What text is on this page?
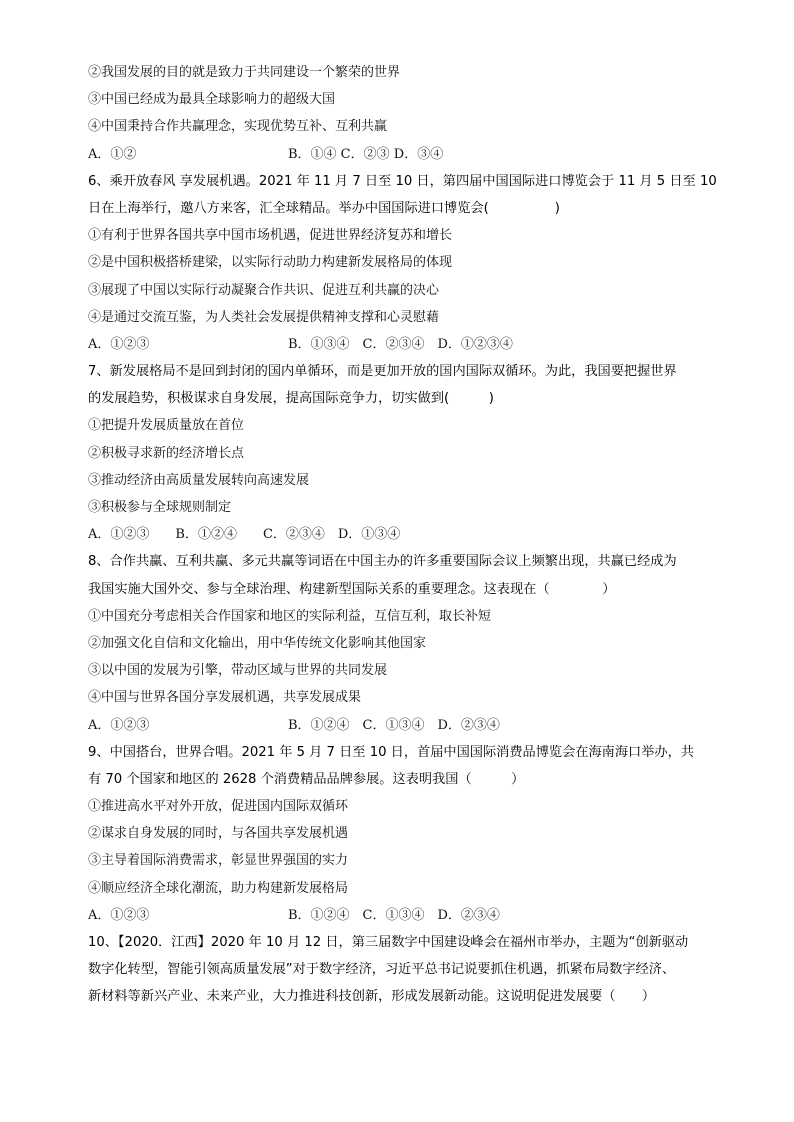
②我国发展的目的就是致力于共同建设一个繁荣的世界
③中国已经成为最具全球影响力的超级大国
④中国秉持合作共赢理念，实现优势互补、互利共赢
A．①②	B．①④ C．②③ D．③④
6、乘开放春风 享发展机遇。2021 年 11 月 7 日至 10 日，第四届中国国际进口博览会于 11 月 5 日至 10
日在上海举行，邀八方来客，汇全球精品。举办中国国际进口博览会(　　　　　)
①有利于世界各国共享中国市场机遇，促进世界经济复苏和增长
②是中国积极搭桥建梁，以实际行动助力构建新发展格局的体现
③展现了中国以实际行动凝聚合作共识、促进互利共赢的决心
④是通过交流互鉴，为人类社会发展提供精神支撑和心灵慰藉
A．①②③	B．①③④　C．②③④　D．①②③④
7、新发展格局不是回到封闭的国内单循环，而是更加开放的国内国际双循环。为此，我国要把握世界
的发展趋势，积极谋求自身发展，提高国际竞争力，切实做到(　　　)
①把提升发展质量放在首位
②积极寻求新的经济增长点
③推动经济由高质量发展转向高速发展
③积极参与全球规则制定
A．①②③　　B．①②④　　C．②③④　D．①③④
8、合作共赢、互利共赢、多元共赢等词语在中国主办的许多重要国际会议上频繁出现，共赢已经成为
我国实施大国外交、参与全球治理、构建新型国际关系的重要理念。这表现在（　　　　）
①中国充分考虑相关合作国家和地区的实际利益，互信互利，取长补短
②加强文化自信和文化输出，用中华传统文化影响其他国家
③以中国的发展为引擎，带动区域与世界的共同发展
④中国与世界各国分享发展机遇，共享发展成果
A．①②③	B．①②④　C．①③④　D．②③④
9、中国搭台，世界合唱。2021 年 5 月 7 日至 10 日，首届中国国际消费品博览会在海南海口举办，共
有 70 个国家和地区的 2628 个消费精品品牌参展。这表明我国（　　　）
①推进高水平对外开放，促进国内国际双循环
②谋求自身发展的同时，与各国共享发展机遇
③主导着国际消费需求，彰显世界强国的实力
④顺应经济全球化潮流，助力构建新发展格局
A．①②③	B．①②④　C．①③④　D．②③④
10、【2020．江西】2020 年 10 月 12 日，第三届数字中国建设峰会在福州市举办，主题为“创新驱动
数字化转型，智能引领高质量发展”对于数字经济，习近平总书记说要抓住机遇，抓紧布局数字经济、
新材料等新兴产业、未来产业，大力推进科技创新，形成发展新动能。这说明促进发展要（　　）
